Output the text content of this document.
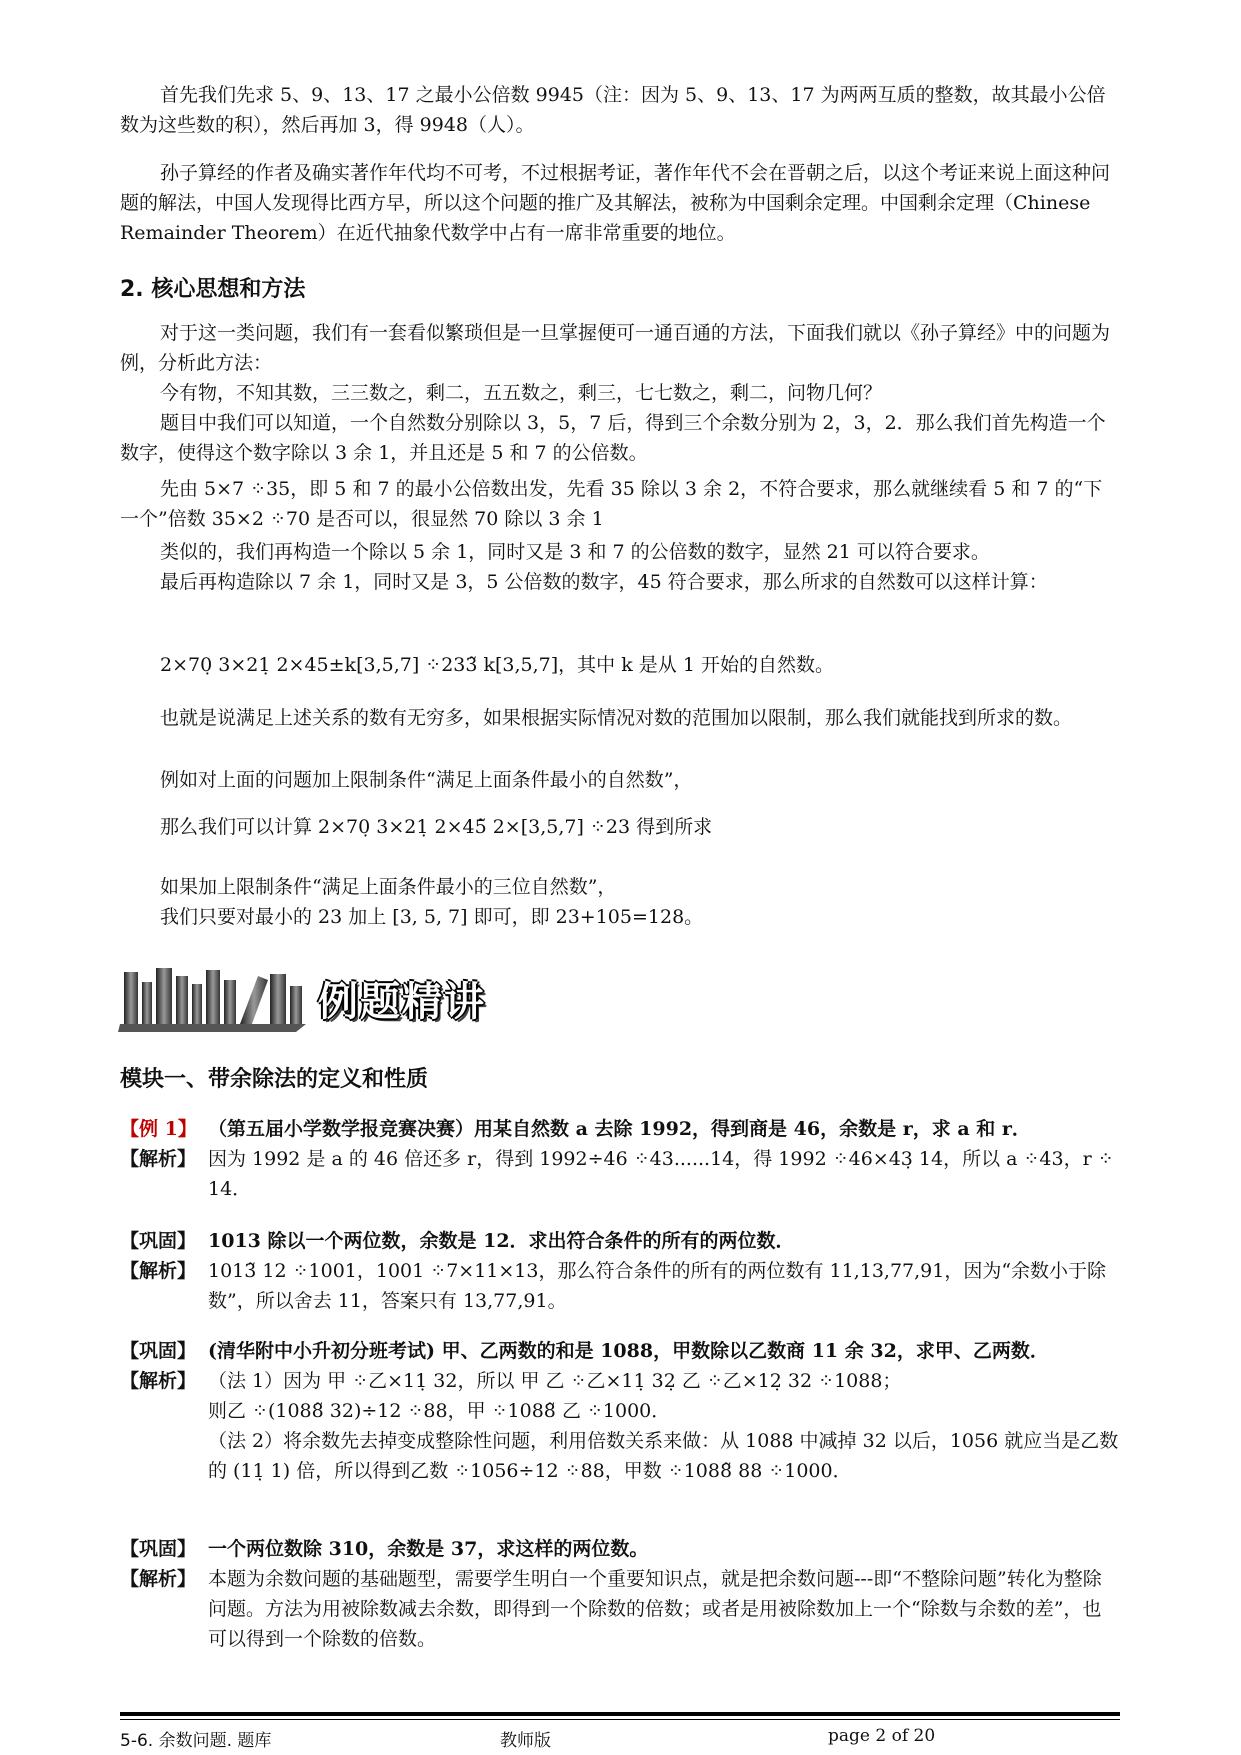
首先我们先求 5、9、13、17 之最小公倍数 9945（注：因为 5、9、13、17 为两两互质的整数，故其最小公倍数为这些数的积），然后再加 3，得 9948（人）。

孙子算经的作者及确实著作年代均不可考，不过根据考证，著作年代不会在晋朝之后，以这个考证来说上面这种问题的解法，中国人发现得比西方早，所以这个问题的推广及其解法，被称为中国剩余定理。中国剩余定理（Chinese Remainder Theorem）在近代抽象代数学中占有一席非常重要的地位。

2. 核心思想和方法

对于这一类问题，我们有一套看似繁琐但是一旦掌握便可一通百通的方法，下面我们就以《孙子算经》中的问题为例，分析此方法：

今有物，不知其数，三三数之，剩二，五五数之，剩三，七七数之，剩二，问物几何？

题目中我们可以知道，一个自然数分别除以 3，5，7 后，得到三个余数分别为 2，3，2．那么我们首先构造一个数字，使得这个数字除以 3 余 1，并且还是 5 和 7 的公倍数。

先由 5×7 ⁘35，即 5 和 7 的最小公倍数出发，先看 35 除以 3 余 2，不符合要求，那么就继续看 5 和 7 的“下一个”倍数 35×2 ⁘70 是否可以，很显然 70 除以 3 余 1

类似的，我们再构造一个除以 5 余 1，同时又是 3 和 7 的公倍数的数字，显然 21 可以符合要求。

最后再构造除以 7 余 1，同时又是 3，5 公倍数的数字，45 符合要求，那么所求的自然数可以这样计算：

2×70̣ 3×21̣ 2×45±k[3,5,7] ⁘233̃ k[3,5,7]，其中 k 是从 1 开始的自然数。

也就是说满足上述关系的数有无穷多，如果根据实际情况对数的范围加以限制，那么我们就能找到所求的数。

例如对上面的问题加上限制条件“满足上面条件最小的自然数”，

那么我们可以计算 2×70̣ 3×21̣ 2×45̃ 2×[3,5,7] ⁘23 得到所求

如果加上限制条件“满足上面条件最小的三位自然数”，

我们只要对最小的 23 加上 [3, 5, 7] 即可，即 23+105=128。

例题精讲
模块一、带余除法的定义和性质
【例 1】 （第五届小学数学报竞赛决赛）用某自然数 a 去除 1992，得到商是 46，余数是 r，求 a 和 r．
【解析】 因为 1992 是 a 的 46 倍还多 r，得到 1992÷46 ⁘43......14，得 1992 ⁘46×43̣ 14，所以 a ⁘43，r ⁘14．
【巩固】 1013 除以一个两位数，余数是 12．求出符合条件的所有的两位数．
【解析】 1013̃ 12 ⁘1001，1001 ⁘7×11×13，那么符合条件的所有的两位数有 11,13,77,91，因为“余数小于除数”，所以舍去 11，答案只有 13,77,91。
【巩固】 (清华附中小升初分班考试) 甲、乙两数的和是 1088，甲数除以乙数商 11 余 32，求甲、乙两数．
【解析】 （法 1）因为 甲 ⁘乙×11̣ 32，所以 甲 乙 ⁘乙×11̣ 32̣ 乙 ⁘乙×12̣ 32 ⁘1088；
则乙 ⁘(1088̃ 32)÷12 ⁘88，甲 ⁘1088̃ 乙 ⁘1000．
（法 2）将余数先去掉变成整除性问题，利用倍数关系来做：从 1088 中减掉 32 以后，1056 就应当是乙数的 (11̣ 1) 倍，所以得到乙数 ⁘1056÷12 ⁘88，甲数 ⁘1088̃ 88 ⁘1000．
【巩固】 一个两位数除 310，余数是 37，求这样的两位数。
【解析】 本题为余数问题的基础题型，需要学生明白一个重要知识点，就是把余数问题---即“不整除问题”转化为整除问题。方法为用被除数减去余数，即得到一个除数的倍数；或者是用被除数加上一个“除数与余数的差”，也可以得到一个除数的倍数。
5-6. 余数问题. 题库	教师版	page 2 of 20
